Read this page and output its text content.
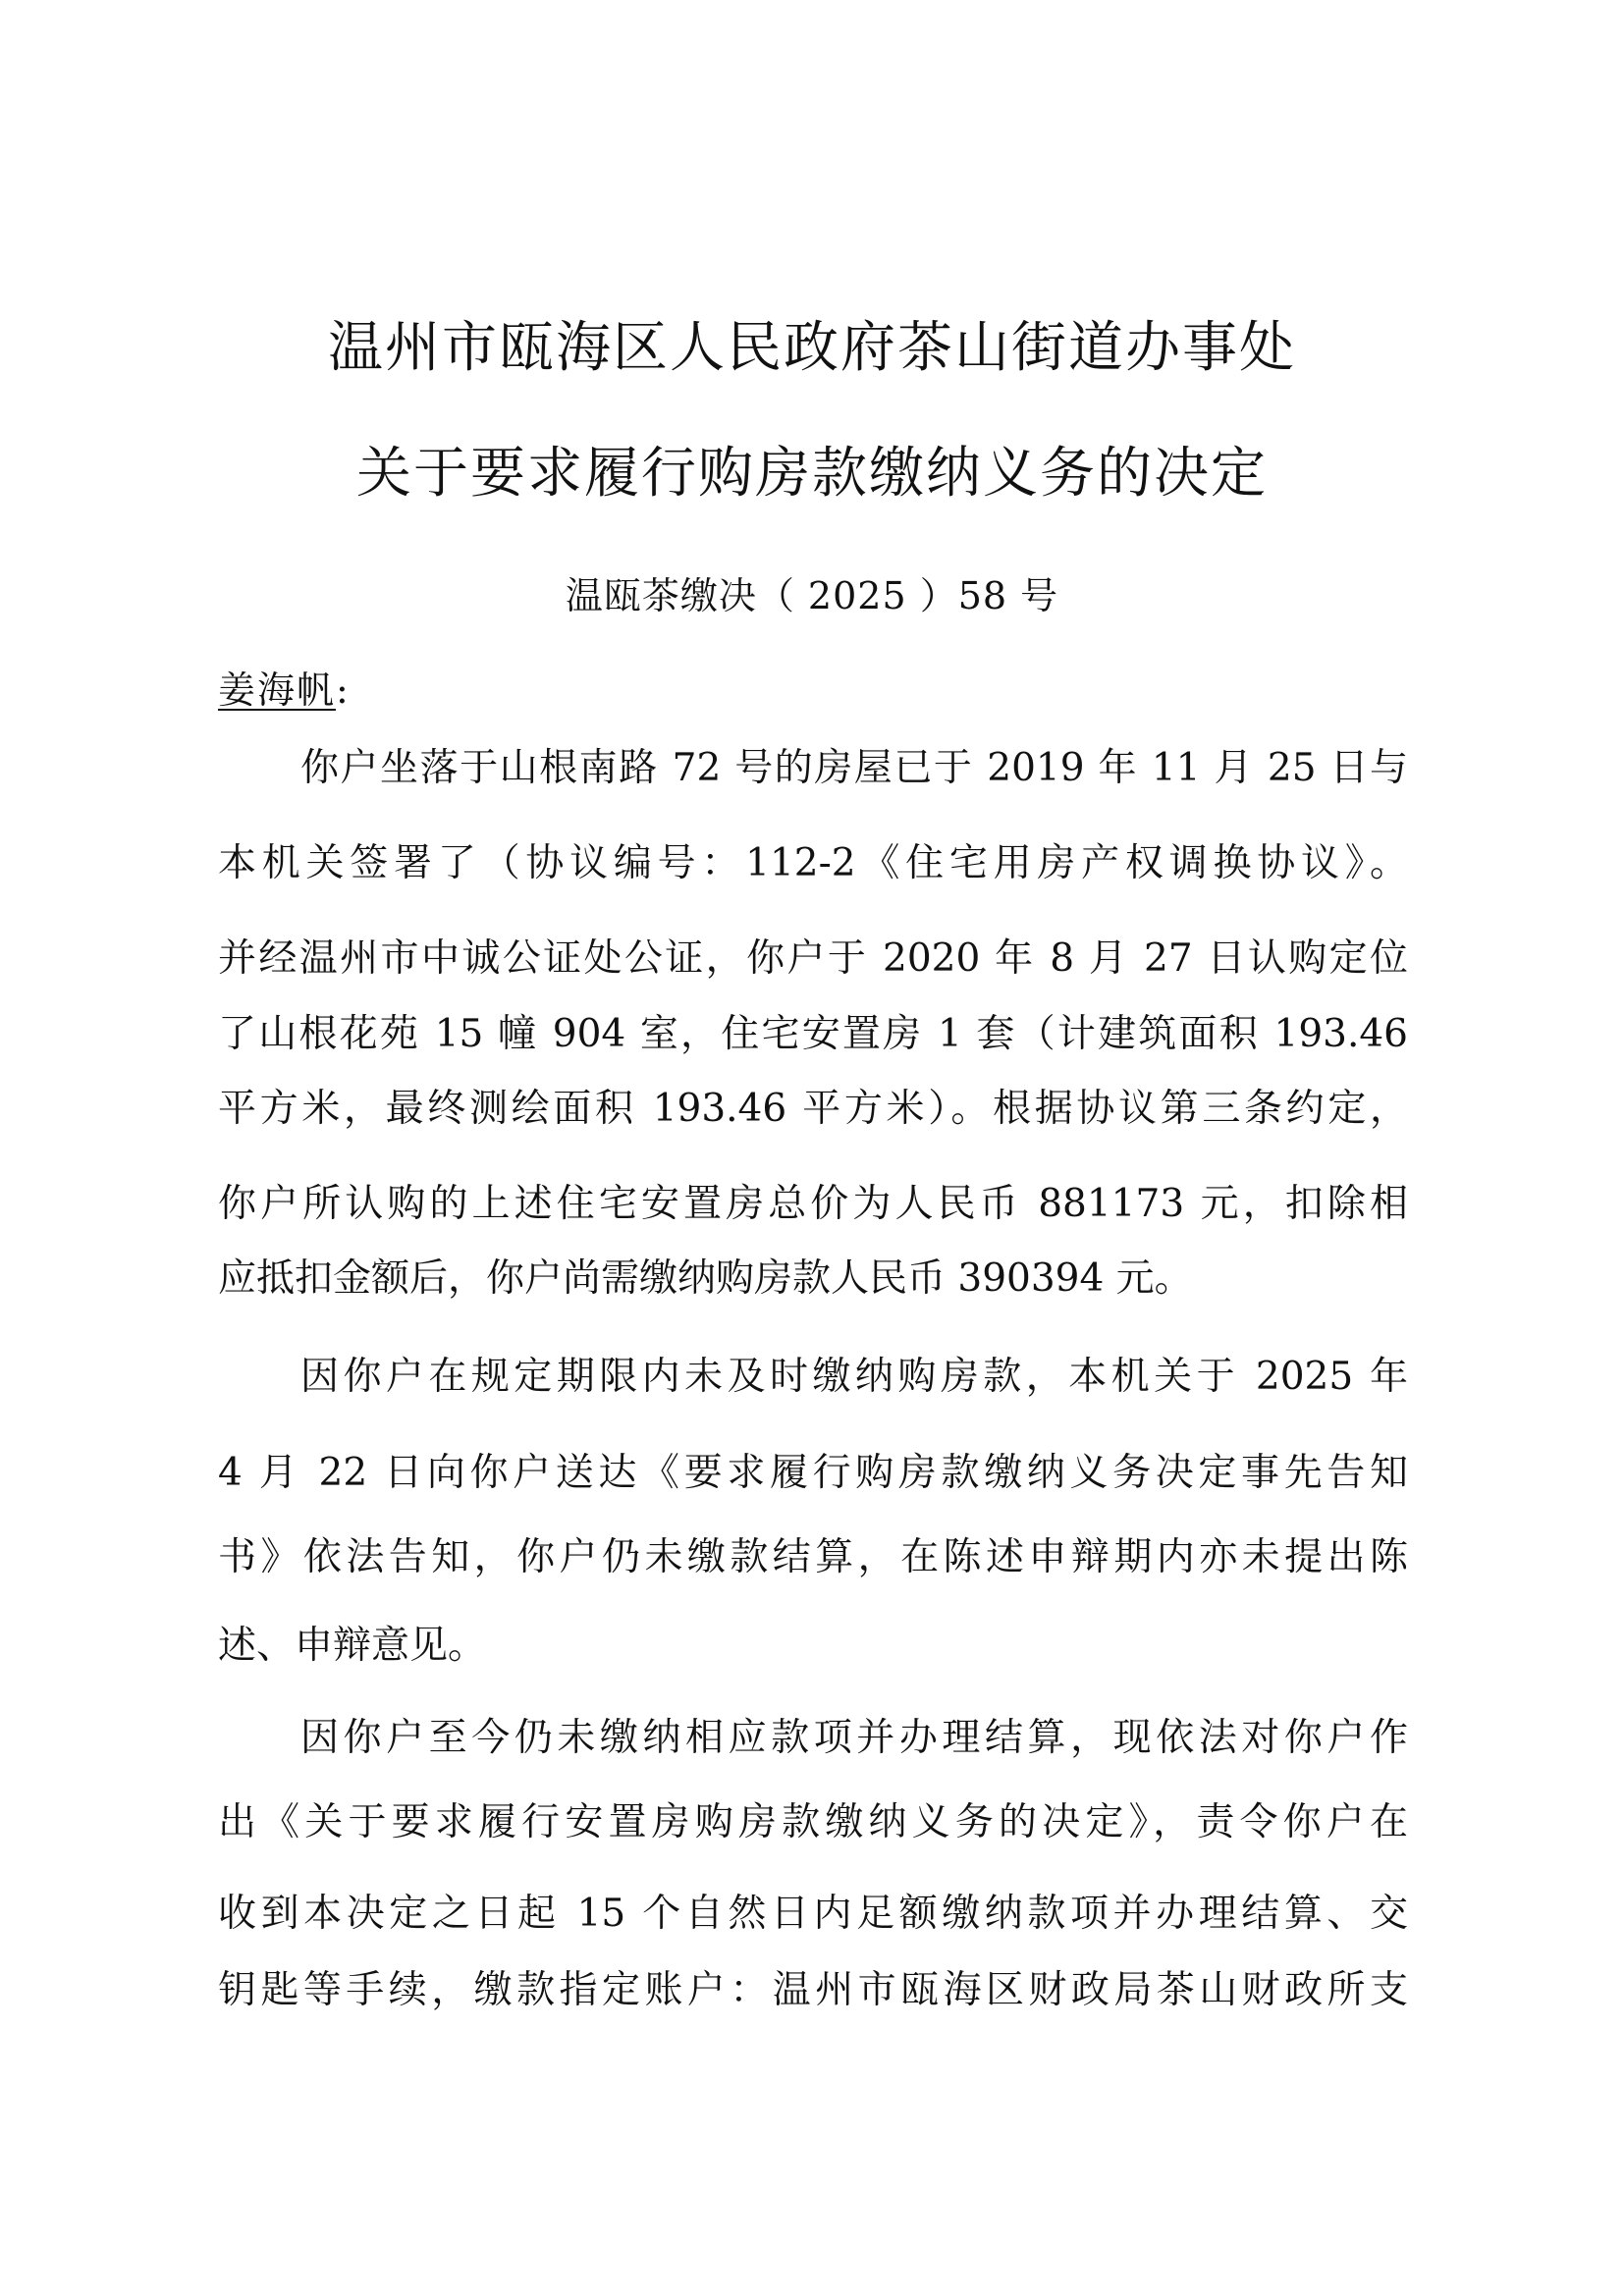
温州市瓯海区人民政府茶山街道办事处
关于要求履行购房款缴纳义务的决定
温瓯茶缴决（ 2025 ）58 号
姜海帆:
你户坐落于山根南路 72 号的房屋已于 2019 年 11 月 25 日与
本机关签署了（协议编号：112-2《住宅用房产权调换协议》。
并经温州市中诚公证处公证，你户于 2020 年 8 月 27 日认购定位
了山根花苑 15 幢 904 室，住宅安置房 1 套（计建筑面积 193.46
平方米，最终测绘面积 193.46 平方米）。根据协议第三条约定，
你户所认购的上述住宅安置房总价为人民币 881173 元，扣除相
应抵扣金额后，你户尚需缴纳购房款人民币 390394 元。
因你户在规定期限内未及时缴纳购房款，本机关于 2025 年
4 月 22 日向你户送达《要求履行购房款缴纳义务决定事先告知
书》依法告知，你户仍未缴款结算，在陈述申辩期内亦未提出陈
述、申辩意见。
因你户至今仍未缴纳相应款项并办理结算，现依法对你户作
出《关于要求履行安置房购房款缴纳义务的决定》，责令你户在
收到本决定之日起 15 个自然日内足额缴纳款项并办理结算、交
钥匙等手续，缴款指定账户：温州市瓯海区财政局茶山财政所支
